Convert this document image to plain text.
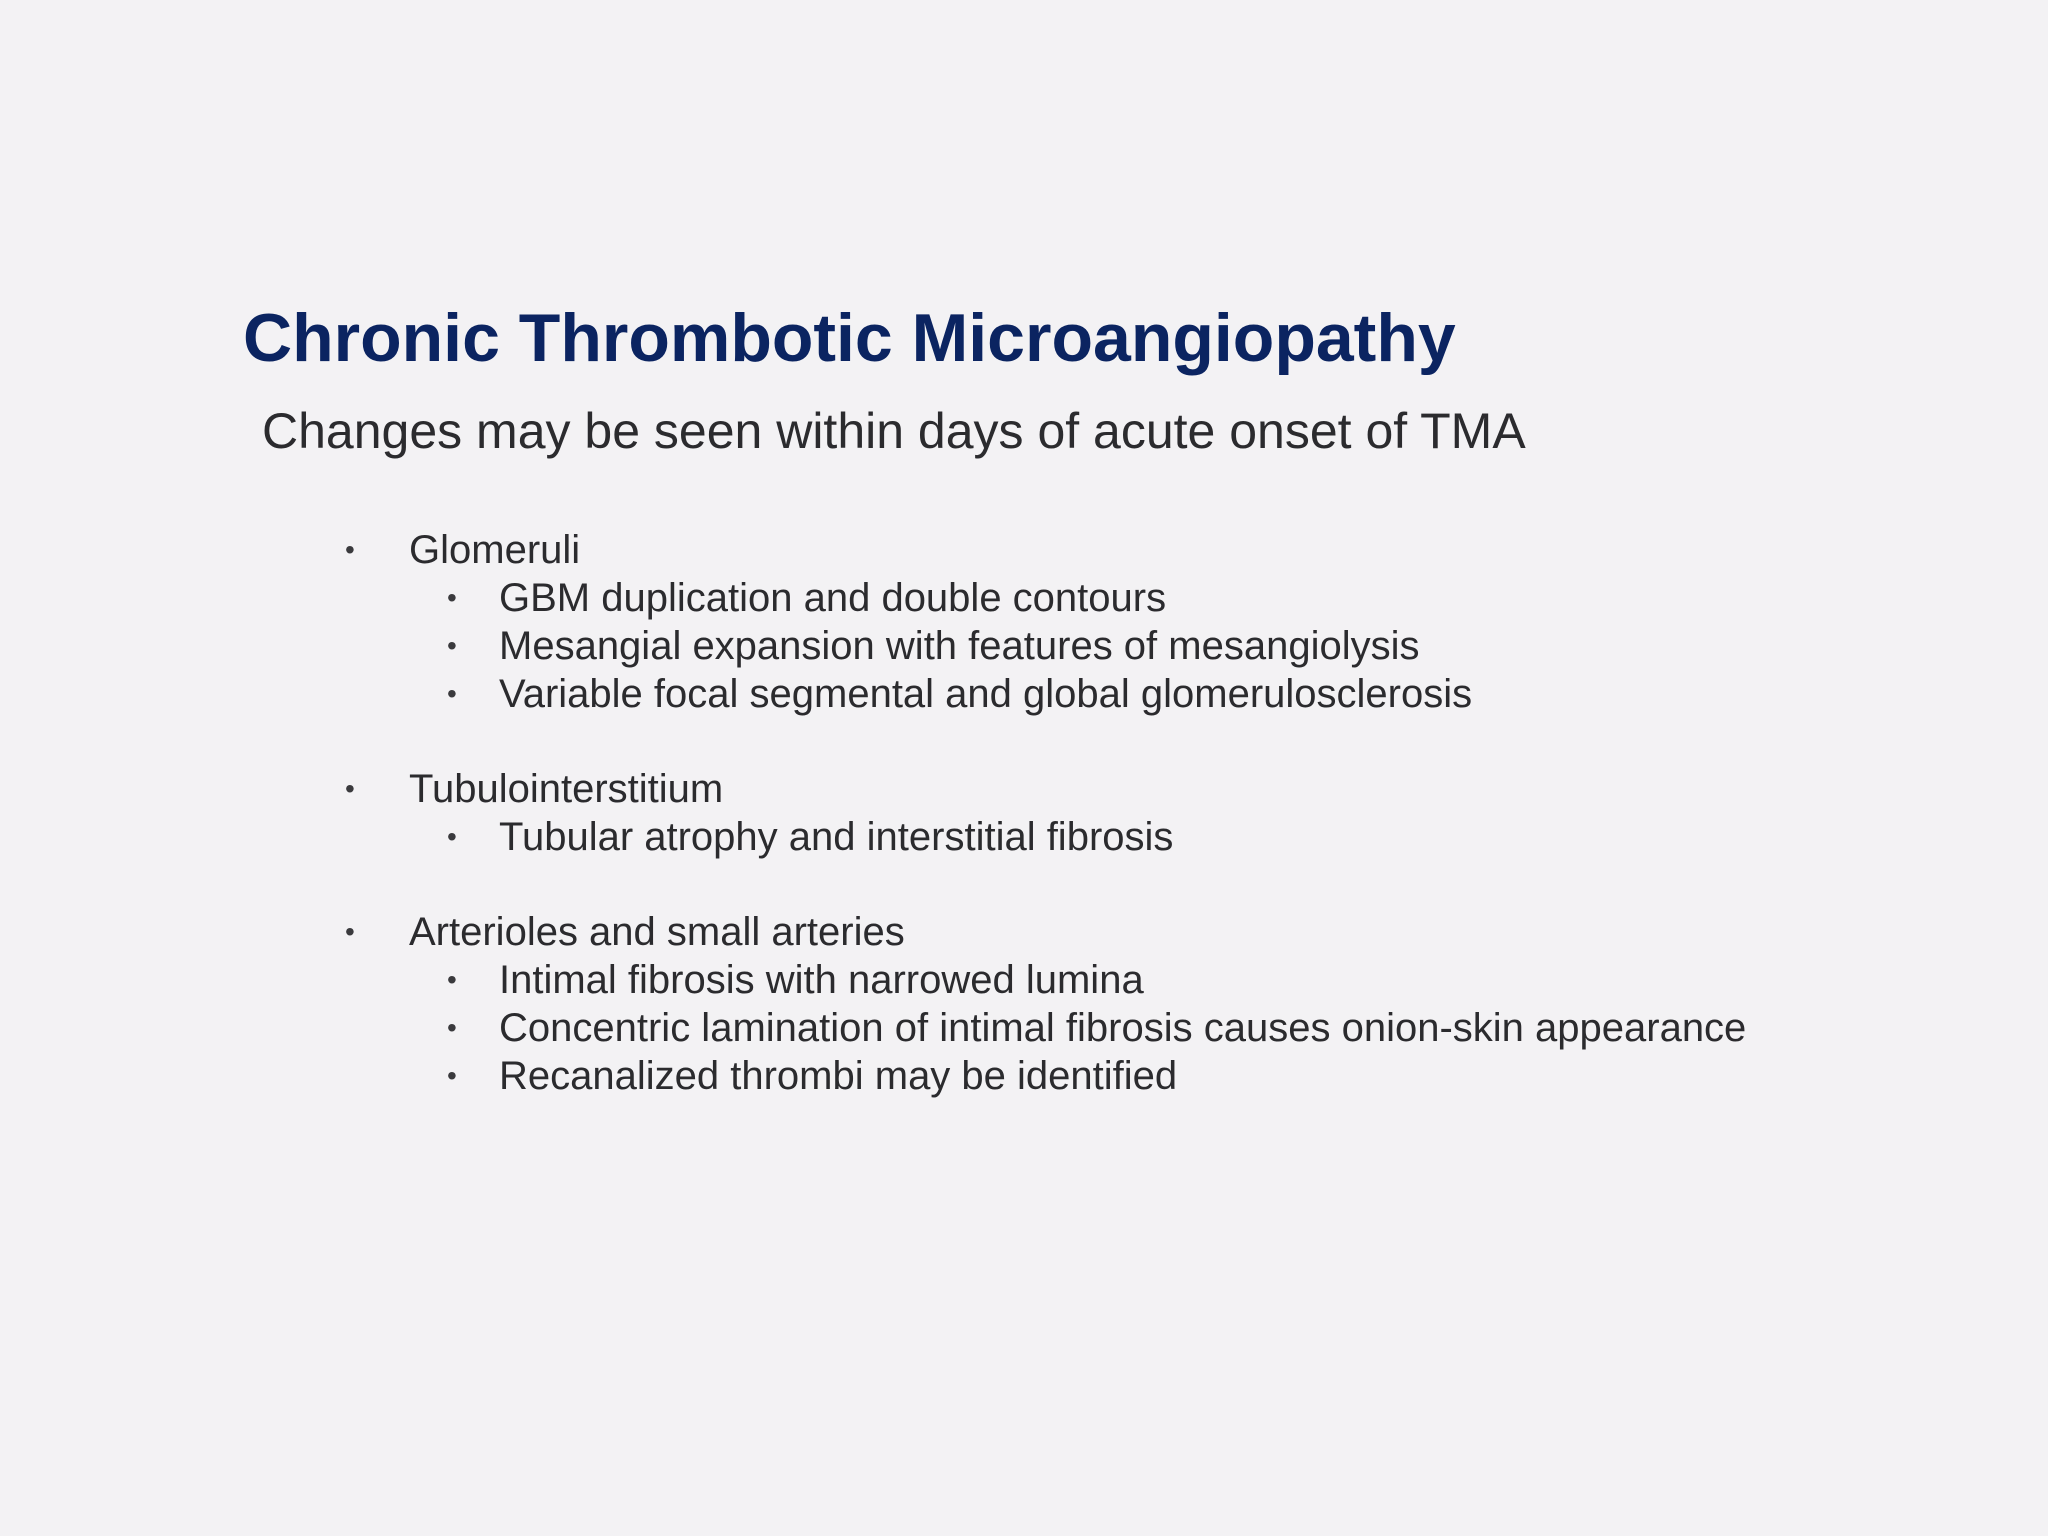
Chronic Thrombotic Microangiopathy

Changes may be seen within days of acute onset of TMA

• Glomeruli
• GBM duplication and double contours
• Mesangial expansion with features of mesangiolysis
• Variable focal segmental and global glomerulosclerosis
• Tubulointerstitium
• Tubular atrophy and interstitial fibrosis
• Arterioles and small arteries
• Intimal fibrosis with narrowed lumina
• Concentric lamination of intimal fibrosis causes onion-skin appearance
• Recanalized thrombi may be identified
